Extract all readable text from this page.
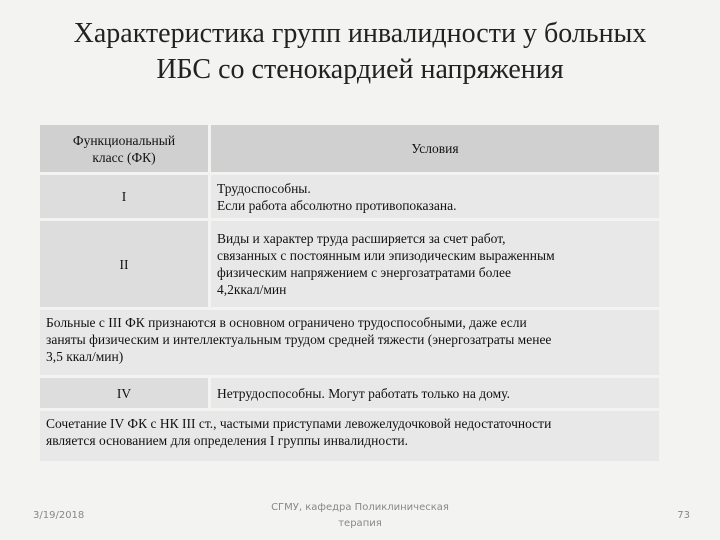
Характеристика групп инвалидности у больных
ИБС со стенокардией напряжения
Функциональный
класс (ФК)
Условия
I
Трудоспособны.
Если работа абсолютно противопоказана.
II
Виды и характер труда расширяется за счет работ,
связанных с постоянным или эпизодическим выраженным
физическим напряжением с энергозатратами более
4,2ккал/мин
Больные с III ФК признаются в основном ограничено трудоспособными, даже если
заняты физическим и интеллектуальным трудом средней тяжести (энергозатраты менее
3,5 ккал/мин)
IV	Нетрудоспособны. Могут работать только на дому.
Сочетание IV ФК с НК III ст., частыми приступами левожелудочковой недостаточности
является основанием для определения I группы инвалидности.
3/19/2018
СГМУ, кафедра Поликлиническая
терапия
73
